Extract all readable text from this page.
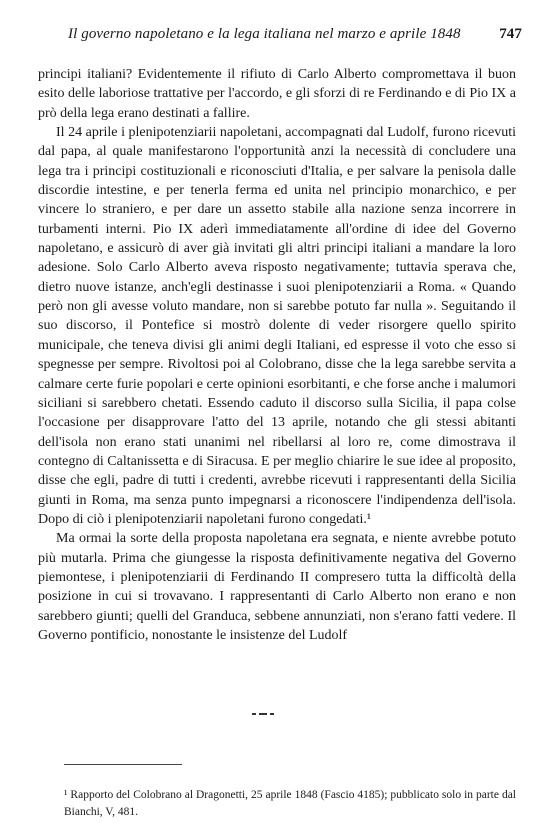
Il governo napoletano e la lega italiana nel marzo e aprile 1848	747

principi italiani? Evidentemente il rifiuto di Carlo Alberto compromettava il buon esito delle laboriose trattative per l'accordo, e gli sforzi di re Ferdinando e di Pio IX a prò della lega erano destinati a fallire.

Il 24 aprile i plenipotenziarii napoletani, accompagnati dal Ludolf, furono ricevuti dal papa, al quale manifestarono l'opportunità anzi la necessità di concludere una lega tra i principi costituzionali e riconosciuti d'Italia, e per salvare la penisola dalle discordie intestine, e per tenerla ferma ed unita nel principio monarchico, e per vincere lo straniero, e per dare un assetto stabile alla nazione senza incorrere in turbamenti interni. Pio IX aderì immediatamente all'ordine di idee del Governo napoletano, e assicurò di aver già invitati gli altri principi italiani a mandare la loro adesione. Solo Carlo Alberto aveva risposto negativamente; tuttavia sperava che, dietro nuove istanze, anch'egli destinasse i suoi plenipotenziarii a Roma. « Quando però non gli avesse voluto mandare, non si sarebbe potuto far nulla ». Seguitando il suo discorso, il Pontefice si mostrò dolente di veder risorgere quello spirito municipale, che teneva divisi gli animi degli Italiani, ed espresse il voto che esso si spegnesse per sempre. Rivoltosi poi al Colobrano, disse che la lega sarebbe servita a calmare certe furie popolari e certe opinioni esorbitanti, e che forse anche i malumori siciliani si sarebbero chetati. Essendo caduto il discorso sulla Sicilia, il papa colse l'occasione per disapprovare l'atto del 13 aprile, notando che gli stessi abitanti dell'isola non erano stati unanimi nel ribellarsi al loro re, come dimostrava il contegno di Caltanissetta e di Siracusa. E per meglio chiarire le sue idee al proposito, disse che egli, padre di tutti i credenti, avrebbe ricevuti i rappresentanti della Sicilia giunti in Roma, ma senza punto impegnarsi a riconoscere l'indipendenza dell'isola. Dopo di ciò i plenipotenziarii napoletani furono congedati.¹

Ma ormai la sorte della proposta napoletana era segnata, e niente avrebbe potuto più mutarla. Prima che giungesse la risposta definitivamente negativa del Governo piemontese, i plenipotenziarii di Ferdinando II compresero tutta la difficoltà della posizione in cui si trovavano. I rappresentanti di Carlo Alberto non erano e non sarebbero giunti; quelli del Granduca, sebbene annunziati, non s'erano fatti vedere. Il Governo pontificio, nonostante le insistenze del Ludolf

¹ Rapporto del Colobrano al Dragonetti, 25 aprile 1848 (Fascio 4185); pubblicato solo in parte dal Bianchi, V, 481.
